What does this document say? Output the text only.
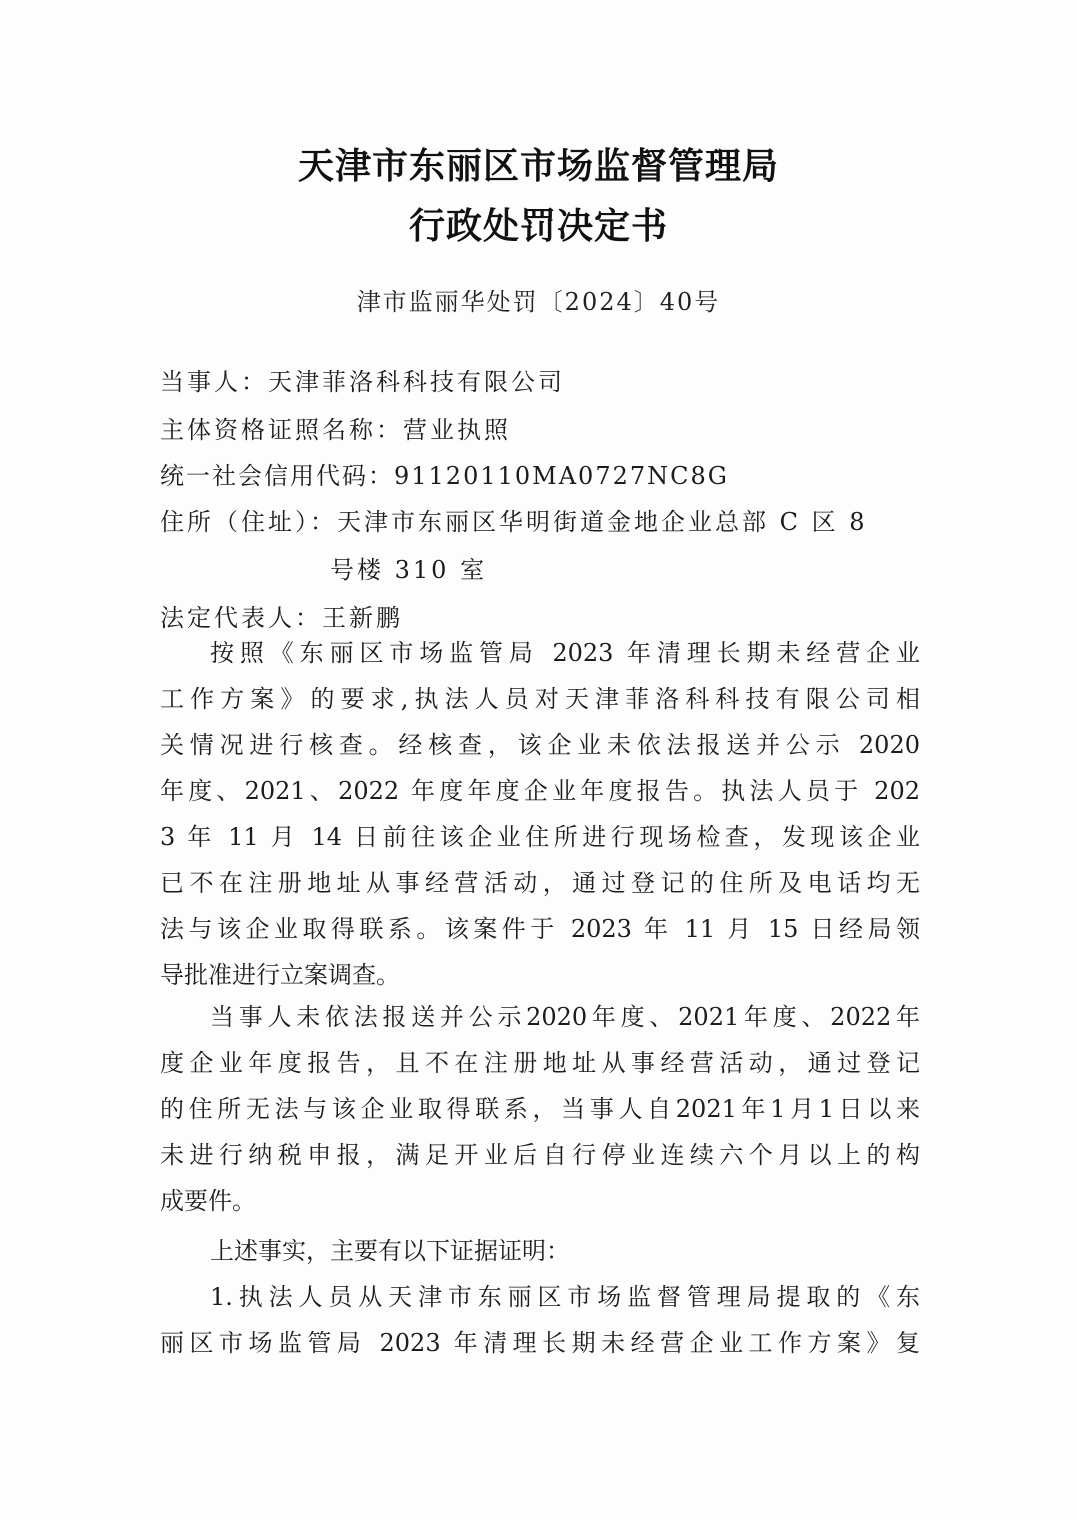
天津市东丽区市场监督管理局
行政处罚决定书
津市监丽华处罚〔2024〕40号
当事人：天津菲洛科科技有限公司
主体资格证照名称：营业执照
统一社会信用代码：91120110MA0727NC8G
住所（住址）：天津市东丽区华明街道金地企业总部 C 区 8
号楼 310 室
法定代表人：王新鹏
按照《东丽区市场监管局 2023 年清理长期未经营企业
工作方案》的要求,执法人员对天津菲洛科科技有限公司相
关情况进行核查。经核查，该企业未依法报送并公示 2020
年度、2021、2022 年度年度企业年度报告。执法人员于 202
3 年 11 月 14 日前往该企业住所进行现场检查，发现该企业
已不在注册地址从事经营活动，通过登记的住所及电话均无
法与该企业取得联系。该案件于 2023 年 11 月 15 日经局领
导批准进行立案调查。
当事人未依法报送并公示2020年度、2021年度、2022年
度企业年度报告，且不在注册地址从事经营活动，通过登记
的住所无法与该企业取得联系，当事人自2021年1月1日以来
未进行纳税申报，满足开业后自行停业连续六个月以上的构
成要件。
上述事实，主要有以下证据证明：
1.执法人员从天津市东丽区市场监督管理局提取的《东
丽区市场监管局 2023 年清理长期未经营企业工作方案》复
